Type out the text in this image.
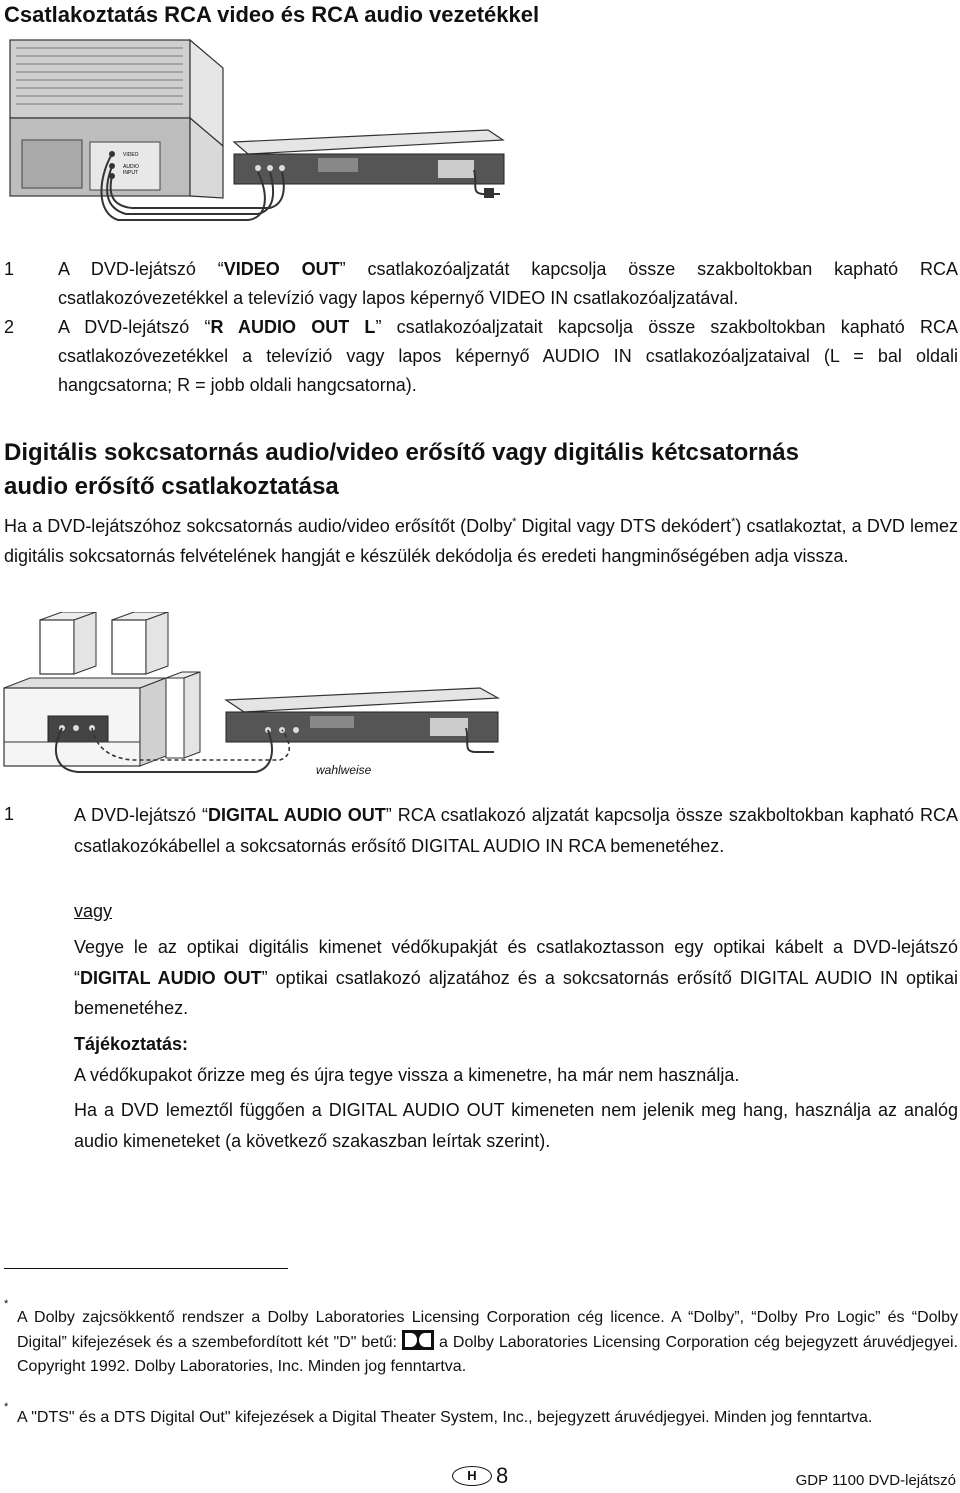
Csatlakoztatás RCA video és RCA audio vezetékkel
VIDEO
AUDIO
INPUT
1 A DVD-lejátszó “VIDEO OUT” csatlakozóaljzatát kapcsolja össze szakboltokban kapható RCA csatlakozóvezetékkel a televízió vagy lapos képernyő VIDEO IN csatlakozóaljzatával.
2 A DVD-lejátszó “R AUDIO OUT L” csatlakozóaljzatait kapcsolja össze szakboltokban kapható RCA csatlakozóvezetékkel a televízió vagy lapos képernyő AUDIO IN csatlakozóaljzataival (L = bal oldali hangcsatorna; R = jobb oldali hangcsatorna).
Digitális sokcsatornás audio/video erősítő vagy digitális kétcsatornás
audio erősítő csatlakoztatása
Ha a DVD-lejátszóhoz sokcsatornás audio/video erősítőt (Dolby* Digital vagy DTS dekódert*) csatlakoztat, a DVD lemez digitális sokcsatornás felvételének hangját e készülék dekódolja és eredeti hangminőségében adja vissza.
wahlweise
1	A DVD-lejátszó “DIGITAL AUDIO OUT” RCA csatlakozó aljzatát kapcsolja össze szakboltokban kapható RCA csatlakozókábellel a sokcsatornás erősítő DIGITAL AUDIO IN RCA bemenetéhez.
vagy
Vegye le az optikai digitális kimenet védőkupakját és csatlakoztasson egy optikai kábelt a DVD-lejátszó “DIGITAL AUDIO OUT” optikai csatlakozó aljzatához és a sokcsatornás erősítő DIGITAL AUDIO IN optikai bemenetéhez.
Tájékoztatás:
A védőkupakot őrizze meg és újra tegye vissza a kimenetre, ha már nem használja.
Ha a DVD lemeztől függően a DIGITAL AUDIO OUT kimeneten nem jelenik meg hang, használja az analóg audio kimeneteket (a következő szakaszban leírtak szerint).
*
A Dolby zajcsökkentő rendszer a Dolby Laboratories Licensing Corporation cég licence. A “Dolby”, “Dolby Pro Logic” és “Dolby Digital” kifejezések és a szembefordított két "D" betű:  a Dolby Laboratories Licensing Corporation cég bejegyzett áruvédjegyei. Copyright 1992. Dolby Laboratories, Inc. Minden jog fenntartva.
*
A "DTS" és a DTS Digital Out" kifejezések a Digital Theater System, Inc., bejegyzett áruvédjegyei. Minden jog fenntartva.
H 8	GDP 1100 DVD-lejátszó
